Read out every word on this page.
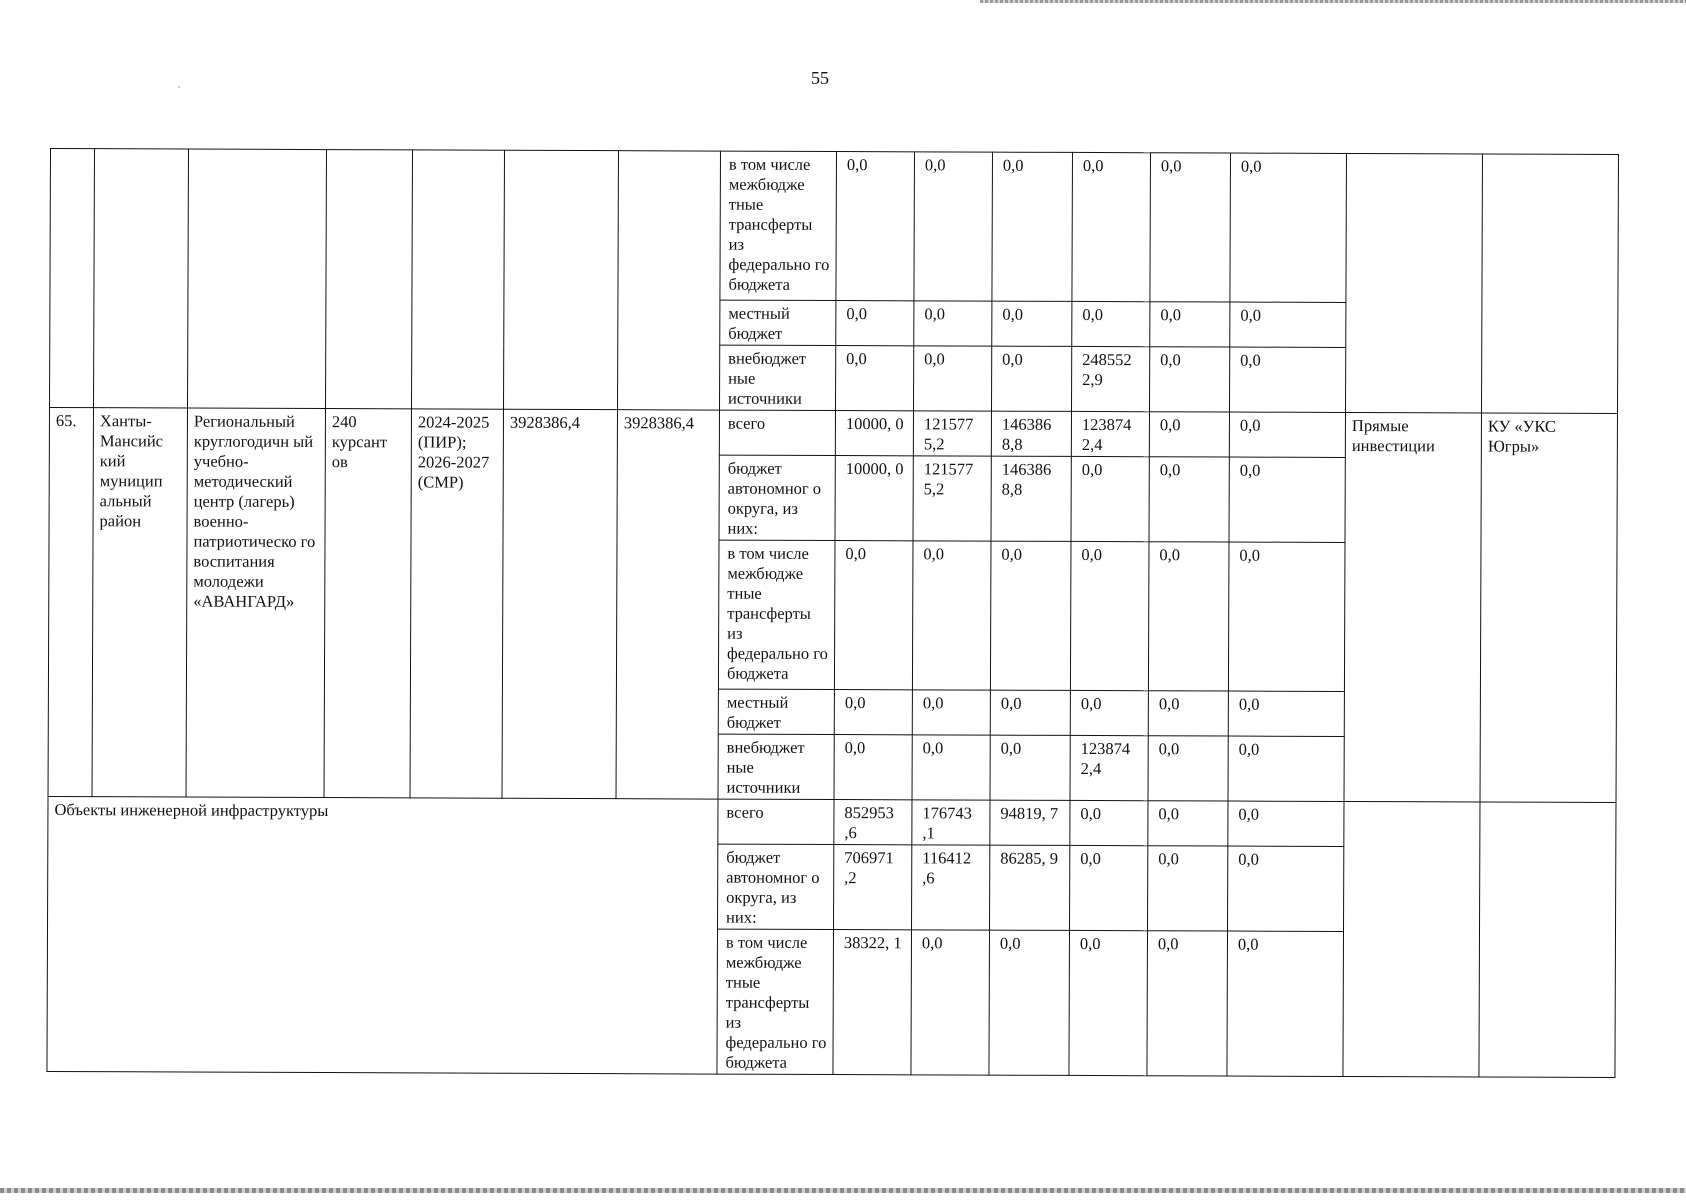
55
							в том числе межбюдже тные трансферты из федерально го бюджета	0,0	0,0	0,0	0,0	0,0	0,0		
							местный бюджет	0,0	0,0	0,0	0,0	0,0	0,0		
							внебюджет ные источники	0,0	0,0	0,0	248552 2,9	0,0	0,0		
65.	Ханты-Мансийс кий муницип альный район	Региональный круглогодичн ый учебно-методический центр (лагерь) военно-патриотическо го воспитания молодежи «АВАНГАРД»	240 курсант ов	2024-2025 (ПИР); 2026-2027 (СМР)	3928386,4	3928386,4	всего	10000, 0	121577 5,2	146386 8,8	123874 2,4	0,0	0,0	Прямые инвестиции	КУ «УКС Югры»
							бюджет автономног о округа, из них:	10000, 0	121577 5,2	146386 8,8	0,0	0,0	0,0		
							в том числе межбюдже тные трансферты из федерально го бюджета	0,0	0,0	0,0	0,0	0,0	0,0		
							местный бюджет	0,0	0,0	0,0	0,0	0,0	0,0		
							внебюджет ные источники	0,0	0,0	0,0	123874 2,4	0,0	0,0		
Объекты инженерной инфраструктуры							всего	852953 ,6	176743 ,1	94819, 7	0,0	0,0	0,0		
							бюджет автономног о округа, из них:	706971 ,2	116412 ,6	86285, 9	0,0	0,0	0,0		
							в том числе межбюдже тные трансферты из федерально го бюджета	38322, 1	0,0	0,0	0,0	0,0	0,0		
